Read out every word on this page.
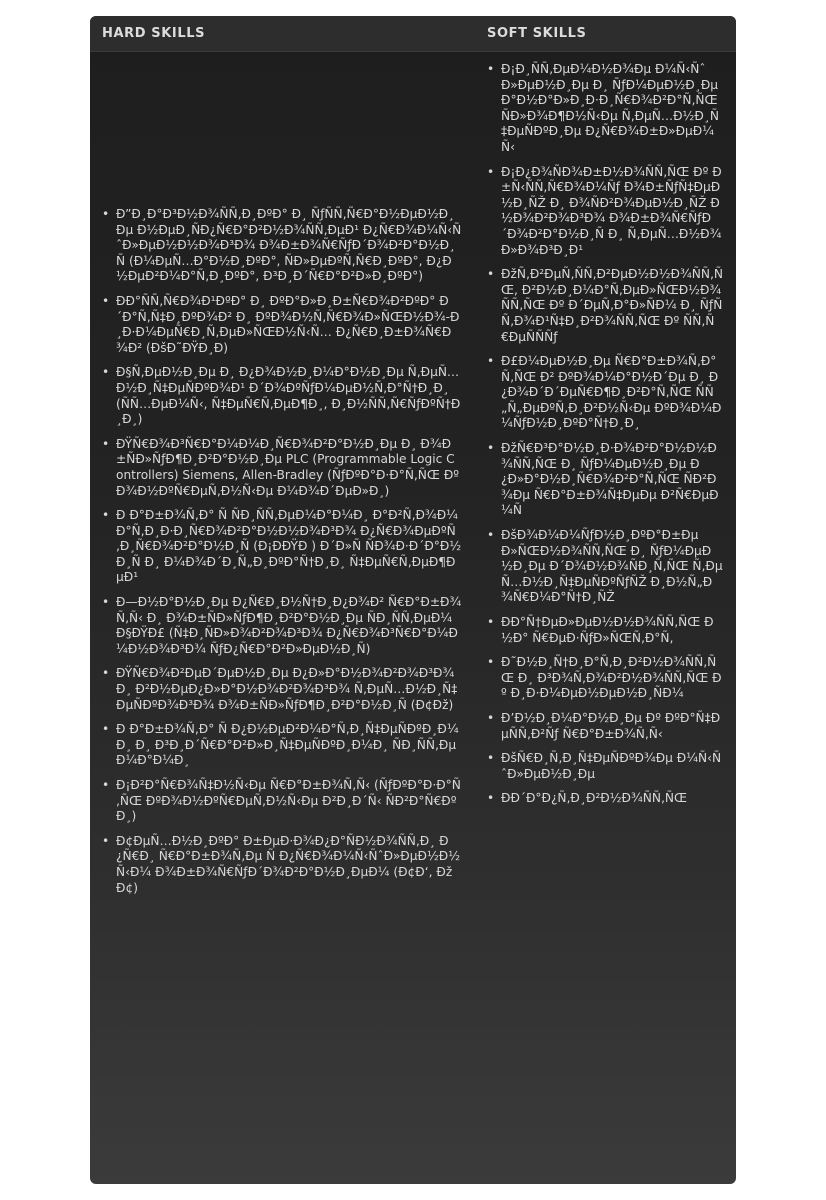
HARD SKILLS	SOFT SKILLS
• Ð”Ð¸Ð°Ð³Ð½Ð¾ÑÑ‚Ð¸ÐºÐ° Ð¸ ÑƒÑÑ‚Ñ€Ð°Ð½ÐµÐ½Ð¸Ðµ Ð½ÐµÐ¸ÑÐ¿Ñ€Ð°Ð²Ð½Ð¾ÑÑ‚ÐµÐ¹ Ð¿Ñ€Ð¾Ð¼Ñ‹ÑˆÐ»ÐµÐ½Ð½Ð¾Ð³Ð¾ Ð¾Ð±Ð¾Ñ€ÑƒÐ´Ð¾Ð²Ð°Ð½Ð¸Ñ (Ð¼ÐµÑ…Ð°Ð½Ð¸ÐºÐ°, ÑÐ»ÐµÐºÑ‚Ñ€Ð¸ÐºÐ°, Ð¿Ð½ÐµÐ²Ð¼Ð°Ñ‚Ð¸ÐºÐ°, Ð³Ð¸Ð´Ñ€Ð°Ð²Ð»Ð¸ÐºÐ°)
• ÐÐ°ÑÑ‚Ñ€Ð¾Ð¹ÐºÐ° Ð¸ ÐºÐ°Ð»Ð¸Ð±Ñ€Ð¾Ð²ÐºÐ° Ð´Ð°Ñ‚Ñ‡Ð¸ÐºÐ¾Ð² Ð¸ ÐºÐ¾Ð½Ñ‚Ñ€Ð¾Ð»ÑŒÐ½Ð¾-Ð¸Ð·Ð¼ÐµÑ€Ð¸Ñ‚ÐµÐ»ÑŒÐ½Ñ‹Ñ… Ð¿Ñ€Ð¸Ð±Ð¾Ñ€Ð¾Ð² (ÐšÐ˜ÐŸÐ¸Ð)
• Ð§Ñ‚ÐµÐ½Ð¸Ðµ Ð¸ Ð¿Ð¾Ð½Ð¸Ð¼Ð°Ð½Ð¸Ðµ Ñ‚ÐµÑ…Ð½Ð¸Ñ‡ÐµÑÐºÐ¾Ð¹ Ð´Ð¾ÐºÑƒÐ¼ÐµÐ½Ñ‚Ð°Ñ†Ð¸Ð¸ (ÑÑ…ÐµÐ¼Ñ‹, Ñ‡ÐµÑ€Ñ‚ÐµÐ¶Ð¸, Ð¸Ð½ÑÑ‚Ñ€ÑƒÐºÑ†Ð¸Ð¸)
• ÐŸÑ€Ð¾Ð³Ñ€Ð°Ð¼Ð¼Ð¸Ñ€Ð¾Ð²Ð°Ð½Ð¸Ðµ Ð¸ Ð¾Ð±ÑÐ»ÑƒÐ¶Ð¸Ð²Ð°Ð½Ð¸Ðµ PLC (Programmable Logic Controllers) Siemens, Allen-Bradley (ÑƒÐºÐ°Ð·Ð°Ñ‚ÑŒ ÐºÐ¾Ð½ÐºÑ€ÐµÑ‚Ð½Ñ‹Ðµ Ð¼Ð¾Ð´ÐµÐ»Ð¸)
• Ð Ð°Ð±Ð¾Ñ‚Ð° Ñ ÑÐ¸ÑÑ‚ÐµÐ¼Ð°Ð¼Ð¸ Ð°Ð²Ñ‚Ð¾Ð¼Ð°Ñ‚Ð¸Ð·Ð¸Ñ€Ð¾Ð²Ð°Ð½Ð½Ð¾Ð³Ð¾ Ð¿Ñ€Ð¾ÐµÐºÑ‚Ð¸Ñ€Ð¾Ð²Ð°Ð½Ð¸Ñ (Ð¡ÐÐŸÐ ) Ð´Ð»Ñ ÑÐ¾Ð·Ð´Ð°Ð½Ð¸Ñ Ð¸ Ð¼Ð¾Ð´Ð¸Ñ„Ð¸ÐºÐ°Ñ†Ð¸Ð¸ Ñ‡ÐµÑ€Ñ‚ÐµÐ¶ÐµÐ¹
• Ð—Ð½Ð°Ð½Ð¸Ðµ Ð¿Ñ€Ð¸Ð½Ñ†Ð¸Ð¿Ð¾Ð² Ñ€Ð°Ð±Ð¾Ñ‚Ñ‹ Ð¸ Ð¾Ð±ÑÐ»ÑƒÐ¶Ð¸Ð²Ð°Ð½Ð¸Ðµ ÑÐ¸ÑÑ‚ÐµÐ¼ Ð§ÐŸÐ£ (Ñ‡Ð¸ÑÐ»Ð¾Ð²Ð¾Ð³Ð¾ Ð¿Ñ€Ð¾Ð³Ñ€Ð°Ð¼Ð¼Ð½Ð¾Ð³Ð¾ ÑƒÐ¿Ñ€Ð°Ð²Ð»ÐµÐ½Ð¸Ñ)
• ÐŸÑ€Ð¾Ð²ÐµÐ´ÐµÐ½Ð¸Ðµ Ð¿Ð»Ð°Ð½Ð¾Ð²Ð¾Ð³Ð¾ Ð¸ Ð²Ð½ÐµÐ¿Ð»Ð°Ð½Ð¾Ð²Ð¾Ð³Ð¾ Ñ‚ÐµÑ…Ð½Ð¸Ñ‡ÐµÑÐºÐ¾Ð³Ð¾ Ð¾Ð±ÑÐ»ÑƒÐ¶Ð¸Ð²Ð°Ð½Ð¸Ñ (Ð¢Ðž)
• Ð Ð°Ð±Ð¾Ñ‚Ð° Ñ Ð¿Ð½ÐµÐ²Ð¼Ð°Ñ‚Ð¸Ñ‡ÐµÑÐºÐ¸Ð¼Ð¸ Ð¸ Ð³Ð¸Ð´Ñ€Ð°Ð²Ð»Ð¸Ñ‡ÐµÑÐºÐ¸Ð¼Ð¸ ÑÐ¸ÑÑ‚ÐµÐ¼Ð°Ð¼Ð¸
• Ð¡Ð²Ð°Ñ€Ð¾Ñ‡Ð½Ñ‹Ðµ Ñ€Ð°Ð±Ð¾Ñ‚Ñ‹ (ÑƒÐºÐ°Ð·Ð°Ñ‚ÑŒ ÐºÐ¾Ð½ÐºÑ€ÐµÑ‚Ð½Ñ‹Ðµ Ð²Ð¸Ð´Ñ‹ ÑÐ²Ð°Ñ€ÐºÐ¸)
• Ð¢ÐµÑ…Ð½Ð¸ÐºÐ° Ð±ÐµÐ·Ð¾Ð¿Ð°ÑÐ½Ð¾ÑÑ‚Ð¸ Ð¿Ñ€Ð¸ Ñ€Ð°Ð±Ð¾Ñ‚Ðµ Ñ Ð¿Ñ€Ð¾Ð¼Ñ‹ÑˆÐ»ÐµÐ½Ð½Ñ‹Ð¼ Ð¾Ð±Ð¾Ñ€ÑƒÐ´Ð¾Ð²Ð°Ð½Ð¸ÐµÐ¼ (Ð¢Ð‘, ÐžÐ¢)
• Ð¡Ð¸ÑÑ‚ÐµÐ¼Ð½Ð¾Ðµ Ð¼Ñ‹ÑˆÐ»ÐµÐ½Ð¸Ðµ Ð¸ ÑƒÐ¼ÐµÐ½Ð¸Ðµ Ð°Ð½Ð°Ð»Ð¸Ð·Ð¸Ñ€Ð¾Ð²Ð°Ñ‚ÑŒ ÑÐ»Ð¾Ð¶Ð½Ñ‹Ðµ Ñ‚ÐµÑ…Ð½Ð¸Ñ‡ÐµÑÐºÐ¸Ðµ Ð¿Ñ€Ð¾Ð±Ð»ÐµÐ¼Ñ‹
• Ð¡Ð¿Ð¾ÑÐ¾Ð±Ð½Ð¾ÑÑ‚ÑŒ Ðº Ð±Ñ‹ÑÑ‚Ñ€Ð¾Ð¼Ñƒ Ð¾Ð±ÑƒÑ‡ÐµÐ½Ð¸ÑŽ Ð¸ Ð¾ÑÐ²Ð¾ÐµÐ½Ð¸ÑŽ Ð½Ð¾Ð²Ð¾Ð³Ð¾ Ð¾Ð±Ð¾Ñ€ÑƒÐ´Ð¾Ð²Ð°Ð½Ð¸Ñ Ð¸ Ñ‚ÐµÑ…Ð½Ð¾Ð»Ð¾Ð³Ð¸Ð¹
• ÐžÑ‚Ð²ÐµÑ‚ÑÑ‚Ð²ÐµÐ½Ð½Ð¾ÑÑ‚ÑŒ, Ð²Ð½Ð¸Ð¼Ð°Ñ‚ÐµÐ»ÑŒÐ½Ð¾ÑÑ‚ÑŒ Ðº Ð´ÐµÑ‚Ð°Ð»ÑÐ¼ Ð¸ ÑƒÑÑ‚Ð¾Ð¹Ñ‡Ð¸Ð²Ð¾ÑÑ‚ÑŒ Ðº ÑÑ‚Ñ€ÐµÑÑÑƒ
• Ð£Ð¼ÐµÐ½Ð¸Ðµ Ñ€Ð°Ð±Ð¾Ñ‚Ð°Ñ‚ÑŒ Ð² ÐºÐ¾Ð¼Ð°Ð½Ð´Ðµ Ð¸ Ð¿Ð¾Ð´Ð´ÐµÑ€Ð¶Ð¸Ð²Ð°Ñ‚ÑŒ ÑÑ„Ñ„ÐµÐºÑ‚Ð¸Ð²Ð½Ñ‹Ðµ ÐºÐ¾Ð¼Ð¼ÑƒÐ½Ð¸ÐºÐ°Ñ†Ð¸Ð¸
• ÐžÑ€Ð³Ð°Ð½Ð¸Ð·Ð¾Ð²Ð°Ð½Ð½Ð¾ÑÑ‚ÑŒ Ð¸ ÑƒÐ¼ÐµÐ½Ð¸Ðµ Ð¿Ð»Ð°Ð½Ð¸Ñ€Ð¾Ð²Ð°Ñ‚ÑŒ ÑÐ²Ð¾Ðµ Ñ€Ð°Ð±Ð¾Ñ‡ÐµÐµ Ð²Ñ€ÐµÐ¼Ñ
• ÐšÐ¾Ð¼Ð¼ÑƒÐ½Ð¸ÐºÐ°Ð±ÐµÐ»ÑŒÐ½Ð¾ÑÑ‚ÑŒ Ð¸ ÑƒÐ¼ÐµÐ½Ð¸Ðµ Ð´Ð¾Ð½Ð¾ÑÐ¸Ñ‚ÑŒ Ñ‚ÐµÑ…Ð½Ð¸Ñ‡ÐµÑÐºÑƒÑŽ Ð¸Ð½Ñ„Ð¾Ñ€Ð¼Ð°Ñ†Ð¸ÑŽ
• ÐÐ°Ñ†ÐµÐ»ÐµÐ½Ð½Ð¾ÑÑ‚ÑŒ Ð½Ð° Ñ€ÐµÐ·ÑƒÐ»ÑŒÑ‚Ð°Ñ‚
• Ð˜Ð½Ð¸Ñ†Ð¸Ð°Ñ‚Ð¸Ð²Ð½Ð¾ÑÑ‚ÑŒ Ð¸ Ð³Ð¾Ñ‚Ð¾Ð²Ð½Ð¾ÑÑ‚ÑŒ Ðº Ð¸Ð·Ð¼ÐµÐ½ÐµÐ½Ð¸ÑÐ¼
• Ð’Ð½Ð¸Ð¼Ð°Ð½Ð¸Ðµ Ðº ÐºÐ°Ñ‡ÐµÑÑ‚Ð²Ñƒ Ñ€Ð°Ð±Ð¾Ñ‚Ñ‹
• ÐšÑ€Ð¸Ñ‚Ð¸Ñ‡ÐµÑÐºÐ¾Ðµ Ð¼Ñ‹ÑˆÐ»ÐµÐ½Ð¸Ðµ
• ÐÐ´Ð°Ð¿Ñ‚Ð¸Ð²Ð½Ð¾ÑÑ‚ÑŒ
